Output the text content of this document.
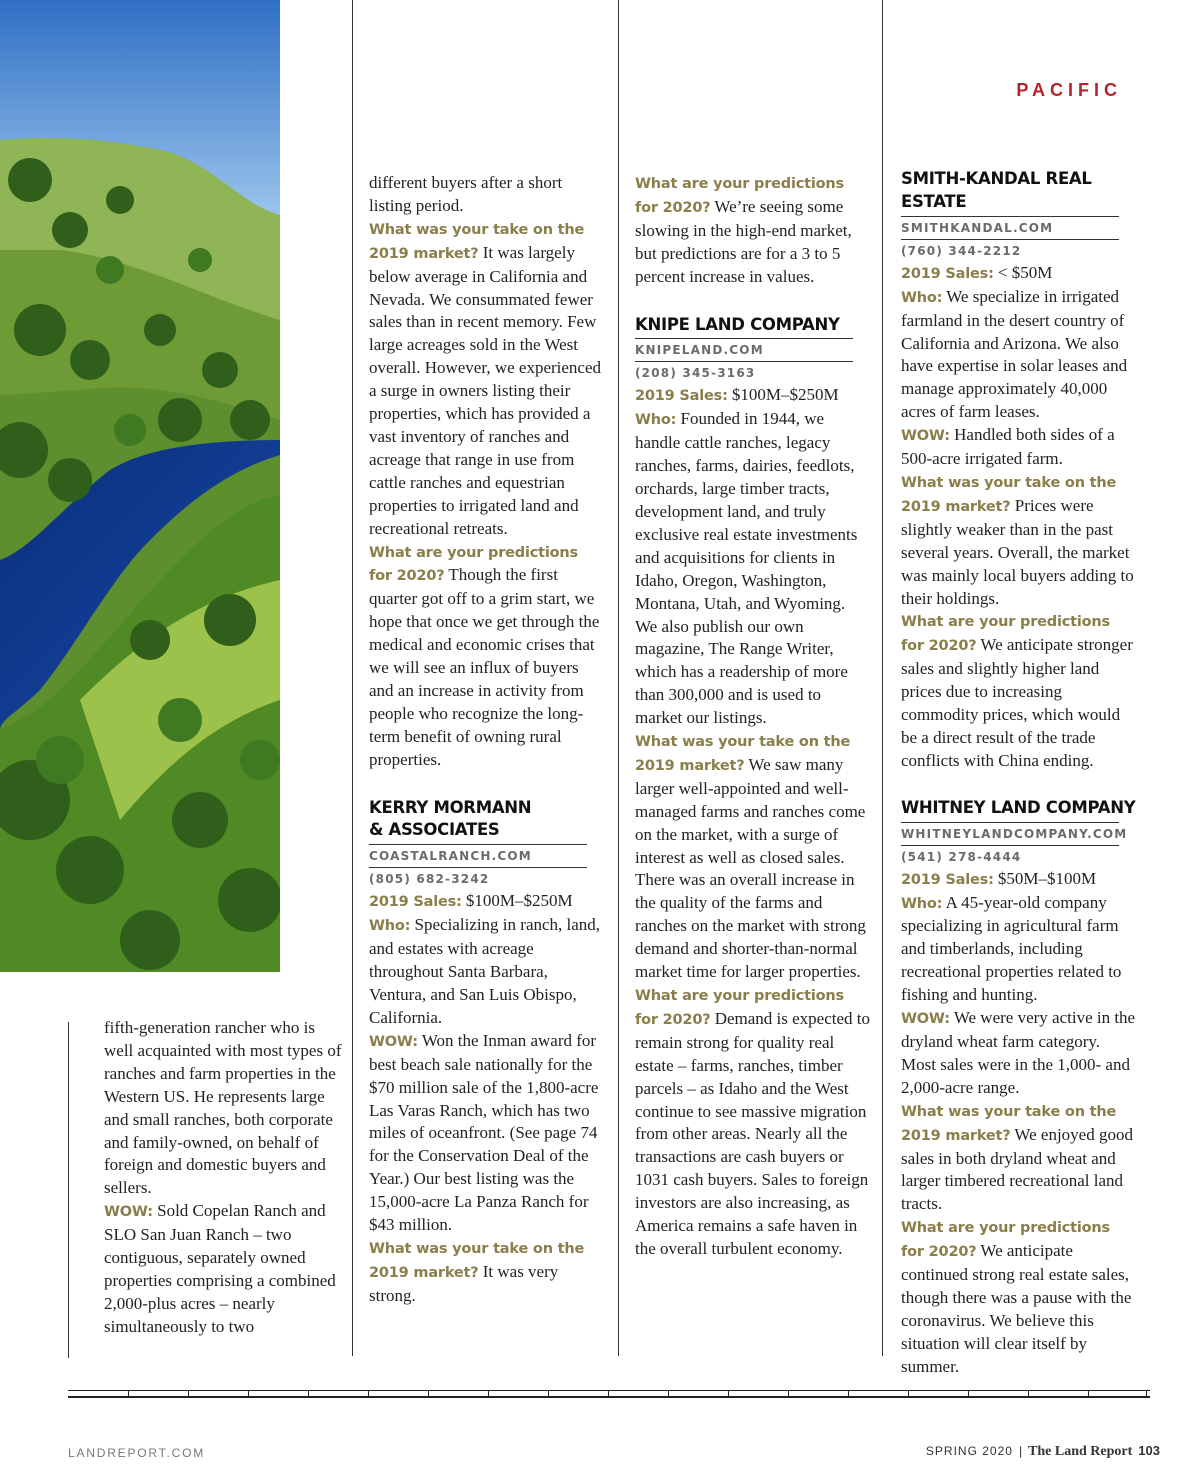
PACIFIC

fifth-generation rancher who is well acquainted with most types of ranches and farm properties in the Western US. He represents large and small ranches, both corporate and family-owned, on behalf of foreign and domestic buyers and sellers.
WOW: Sold Copelan Ranch and SLO San Juan Ranch – two contiguous, separately owned properties comprising a combined 2,000-plus acres – nearly simultaneously to two

different buyers after a short listing period.

What was your take on the 2019 market? It was largely below average in California and Nevada. We consummated fewer sales than in recent memory. Few large acreages sold in the West overall. However, we experienced a surge in owners listing their properties, which has provided a vast inventory of ranches and acreage that range in use from cattle ranches and equestrian properties to irrigated land and recreational retreats.

What are your predictions for 2020? Though the first quarter got off to a grim start, we hope that once we get through the medical and economic crises that we will see an influx of buyers and an increase in activity from people who recognize the long-term benefit of owning rural properties.

KERRY MORMANN & ASSOCIATES
COASTALRANCH.COM
(805) 682-3242

2019 Sales: $100M–$250M

Who: Specializing in ranch, land, and estates with acreage throughout Santa Barbara, Ventura, and San Luis Obispo, California.

WOW: Won the Inman award for best beach sale nationally for the $70 million sale of the 1,800-acre Las Varas Ranch, which has two miles of oceanfront. (See page 74 for the Conservation Deal of the Year.) Our best listing was the 15,000-acre La Panza Ranch for $43 million.

What was your take on the 2019 market? It was very strong.

What are your predictions for 2020? We’re seeing some slowing in the high-end market, but predictions are for a 3 to 5 percent increase in values.

KNIPE LAND COMPANY
KNIPELAND.COM
(208) 345-3163

2019 Sales: $100M–$250M

Who: Founded in 1944, we handle cattle ranches, legacy ranches, farms, dairies, feedlots, orchards, large timber tracts, development land, and truly exclusive real estate investments and acquisitions for clients in Idaho, Oregon, Washington, Montana, Utah, and Wyoming. We also publish our own magazine, The Range Writer, which has a readership of more than 300,000 and is used to market our listings.

What was your take on the 2019 market? We saw many larger well-appointed and well-managed farms and ranches come on the market, with a surge of interest as well as closed sales. There was an overall increase in the quality of the farms and ranches on the market with strong demand and shorter-than-normal market time for larger properties.

What are your predictions for 2020? Demand is expected to remain strong for quality real estate – farms, ranches, timber parcels – as Idaho and the West continue to see massive migration from other areas. Nearly all the transactions are cash buyers or 1031 cash buyers. Sales to foreign investors are also increasing, as America remains a safe haven in the overall turbulent economy.

SMITH-KANDAL REAL ESTATE
SMITHKANDAL.COM
(760) 344-2212

2019 Sales: < $50M

Who: We specialize in irrigated farmland in the desert country of California and Arizona. We also have expertise in solar leases and manage approximately 40,000 acres of farm leases.

WOW: Handled both sides of a 500-acre irrigated farm.

What was your take on the 2019 market? Prices were slightly weaker than in the past several years. Overall, the market was mainly local buyers adding to their holdings.

What are your predictions for 2020? We anticipate stronger sales and slightly higher land prices due to increasing commodity prices, which would be a direct result of the trade conflicts with China ending.

WHITNEY LAND COMPANY
WHITNEYLANDCOMPANY.COM
(541) 278-4444

2019 Sales: $50M–$100M

Who: A 45-year-old company specializing in agricultural farm and timberlands, including recreational properties related to fishing and hunting.

WOW: We were very active in the dryland wheat farm category. Most sales were in the 1,000- and 2,000-acre range.

What was your take on the 2019 market? We enjoyed good sales in both dryland wheat and larger timbered recreational land tracts.

What are your predictions for 2020? We anticipate continued strong real estate sales, though there was a pause with the coronavirus. We believe this situation will clear itself by summer.

LANDREPORT.COM	SPRING 2020 | The Land Report 103
